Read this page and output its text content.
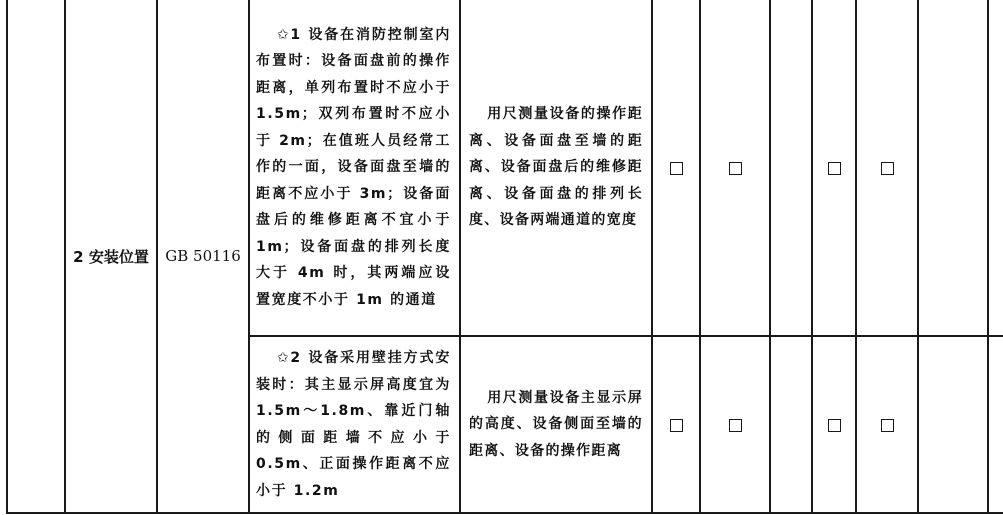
	2 安装位置	GB 50116	✩1 设备在消防控制室内布置时：设备面盘前的操作距离，单列布置时不应小于 1.5m；双列布置时不应小于 2m；在值班人员经常工作的一面，设备面盘至墙的距离不应小于 3m；设备面盘后的维修距离不宜小于 1m；设备面盘的排列长度大于 4m 时，其两端应设置宽度不小于 1m 的通道	用尺测量设备的操作距离、设备面盘至墙的距离、设备面盘后的维修距离、设备面盘的排列长度、设备两端通道的宽度							

			✩2 设备采用壁挂方式安装时：其主显示屏高度宜为 1.5m～1.8m、靠近门轴的侧面距墙不应小于 0.5m、正面操作距离不应小于 1.2m	用尺测量设备主显示屏的高度、设备侧面至墙的距离、设备的操作距离							
